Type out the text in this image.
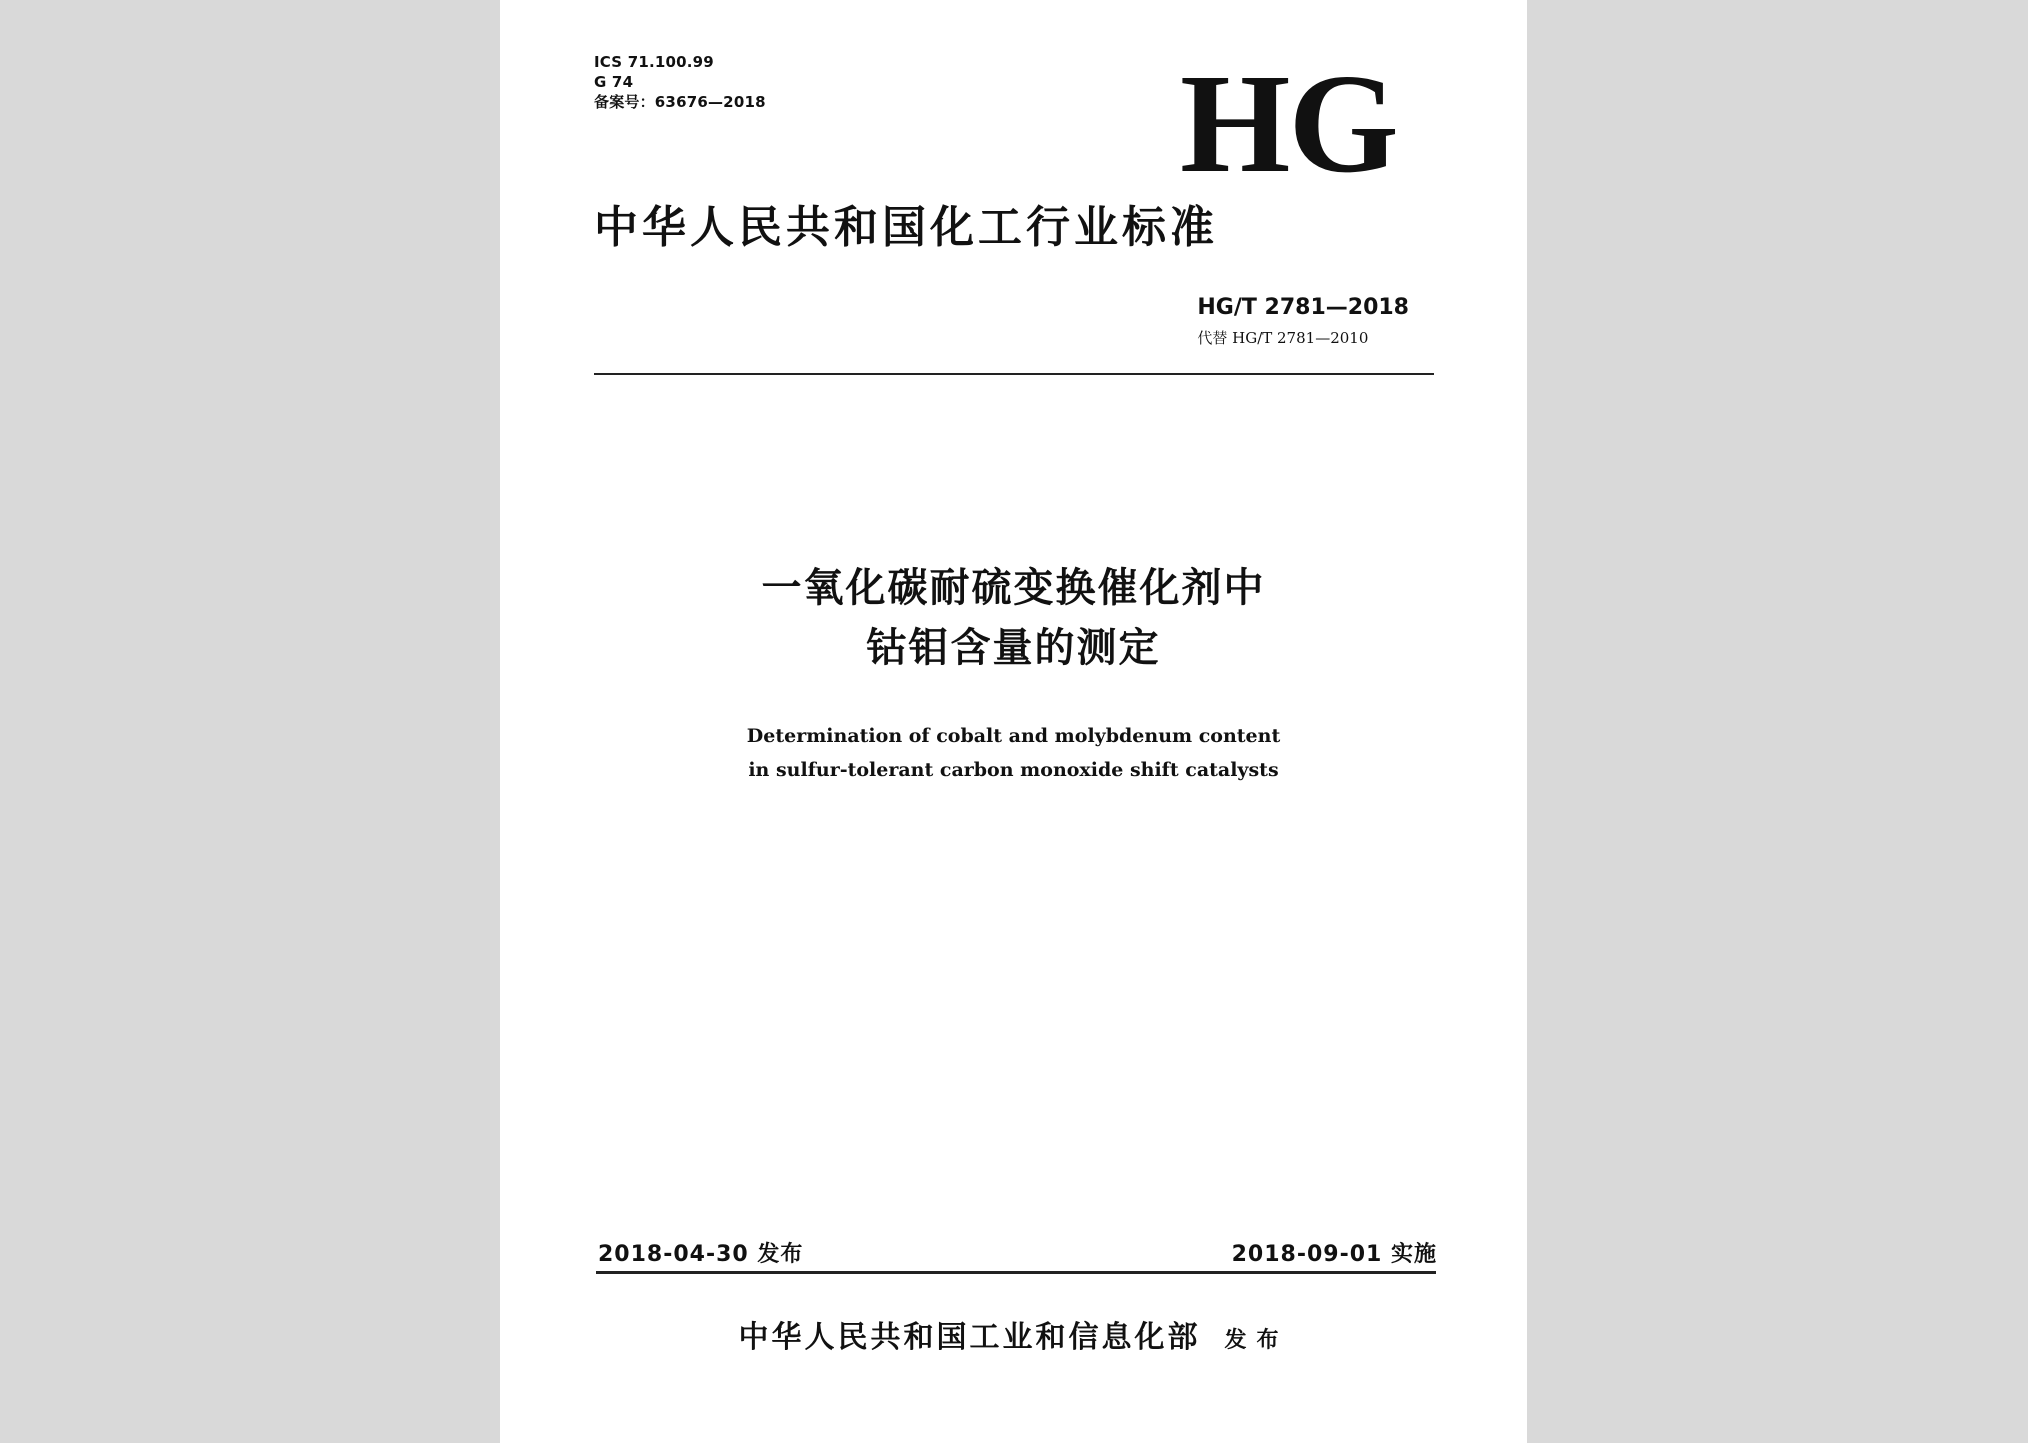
ICS 71.100.99
G 74
备案号：63676—2018	HG
中华人民共和国化工行业标准
HG/T 2781—2018
代替 HG/T 2781—2010
一氧化碳耐硫变换催化剂中
钴钼含量的测定
Determination of cobalt and molybdenum content
in sulfur-tolerant carbon monoxide shift catalysts
2018-04-30 发布	2018-09-01 实施
中华人民共和国工业和信息化部 发布
